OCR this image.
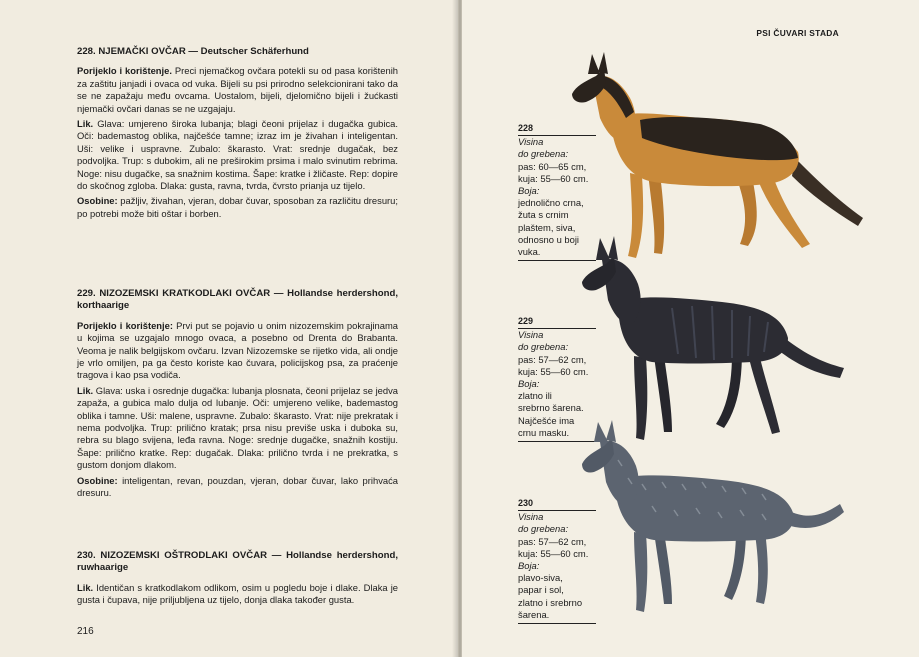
228. NJEMAČKI OVČAR — Deutscher Schäferhund

Porijeklo i korištenje. Preci njemačkog ovčara potekli su od pasa korištenih za zaštitu janjadi i ovaca od vuka. Bijeli su psi prirodno selekcionirani tako da se ne zapažaju među ovcama. Uostalom, bijeli, djelomično bijeli i žućkasti njemački ovčari danas se ne uzgajaju.

Lik. Glava: umjereno široka lubanja; blagi čeoni prijelaz i dugačka gubica. Oči: bademastog oblika, najčešće tamne; izraz im je živahan i inteligentan. Uši: velike i uspravne. Zubalo: škarasto. Vrat: srednje dugačak, bez podvoljka. Trup: s dubokim, ali ne preširokim prsima i malo svinutim rebrima. Noge: nisu dugačke, sa snažnim kostima. Šape: kratke i žličaste. Rep: dopire do skočnog zgloba. Dlaka: gusta, ravna, tvrda, čvrsto prianja uz tijelo.

Osobine: pažljiv, živahan, vjeran, dobar čuvar, sposoban za različitu dresuru; po potrebi može biti oštar i borben.

229. NIZOZEMSKI KRATKODLAKI OVČAR — Hollandse herdershond, korthaarige

Porijeklo i korištenje: Prvi put se pojavio u onim nizozemskim pokrajinama u kojima se uzgajalo mnogo ovaca, a posebno od Drenta do Brabanta. Veoma je nalik belgijskom ovčaru. Izvan Nizozemske se rijetko vida, ali ondje je vrlo omiljen, pa ga često koriste kao čuvara, policijskog psa, za praćenje tragova i kao psa vodiča.

Lik. Glava: uska i osrednje dugačka: lubanja plosnata, čeoni prijelaz se jedva zapaža, a gubica malo dulja od lubanje. Oči: umjereno velike, bademastog oblika i tamne. Uši: malene, uspravne. Zubalo: škarasto. Vrat: nije prekratak i nema podvoljka. Trup: prilično kratak; prsa nisu previše uska i duboka su, rebra su blago svijena, leđa ravna. Noge: srednje dugačke, snažnih kostiju. Šape: prilično kratke. Rep: dugačak. Dlaka: prilično tvrda i ne prekratka, s gustom donjom dlakom.

Osobine: inteligentan, revan, pouzdan, vjeran, dobar čuvar, lako prihvaća dresuru.

230. NIZOZEMSKI OŠTRODLAKI OVČAR — Hollandse herdershond, ruwhaarige

Lik. Identičan s kratkodlakom odlikom, osim u pogledu boje i dlake. Dlaka je gusta i čupava, nije priljubljena uz tijelo, donja dlaka također gusta.

216
PSI ČUVARI STADA
228
Visina
do grebena:
pas: 60—65 cm,
kuja: 55—60 cm.
Boja:
jednolično crna,
žuta s crnim
plaštem, siva,
odnosno u boji
vuka.
229
Visina
do grebena:
pas: 57—62 cm,
kuja: 55—60 cm.
Boja:
zlatno ili
srebrno šarena.
Najčešće ima
crnu masku.
230
Visina
do grebena:
pas: 57—62 cm,
kuja: 55—60 cm.
Boja:
plavo-siva,
papar i sol,
zlatno i srebrno
šarena.
